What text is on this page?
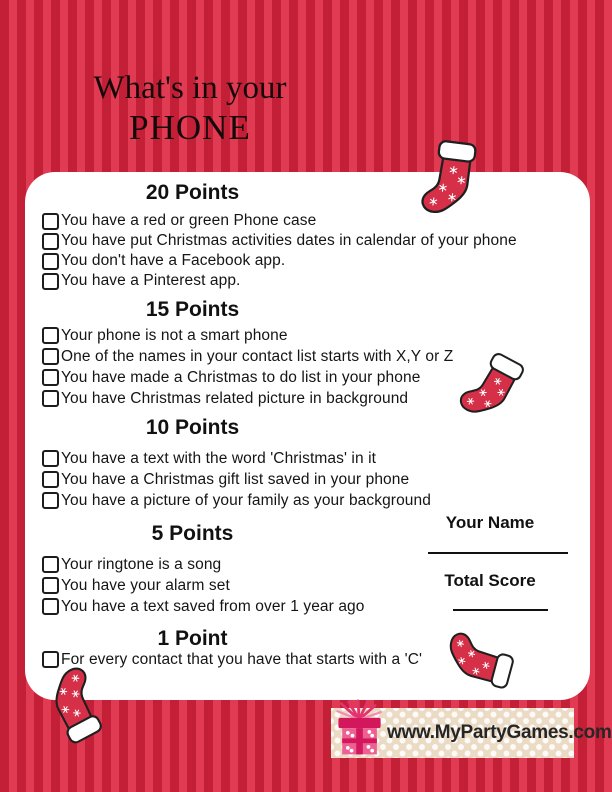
What's in your
PHONE
20 Points
You have a red or green Phone case
You have put Christmas activities dates in calendar of your phone
You don't have a Facebook app.
You have a Pinterest app.
15 Points
Your phone is not a smart phone
One of the names in your contact list starts with X,Y or Z
You have made a Christmas to do list in your phone
You have Christmas related picture in background
10 Points
You have a text with the word 'Christmas' in it
You have a Christmas gift list saved in your phone
You have a picture of your family as your background
5 Points
Your ringtone is a song
You have your alarm set
You have a text saved from over 1 year ago
1 Point
For every contact that you have that starts with a 'C'
Your Name
Total Score
www.MyPartyGames.com
